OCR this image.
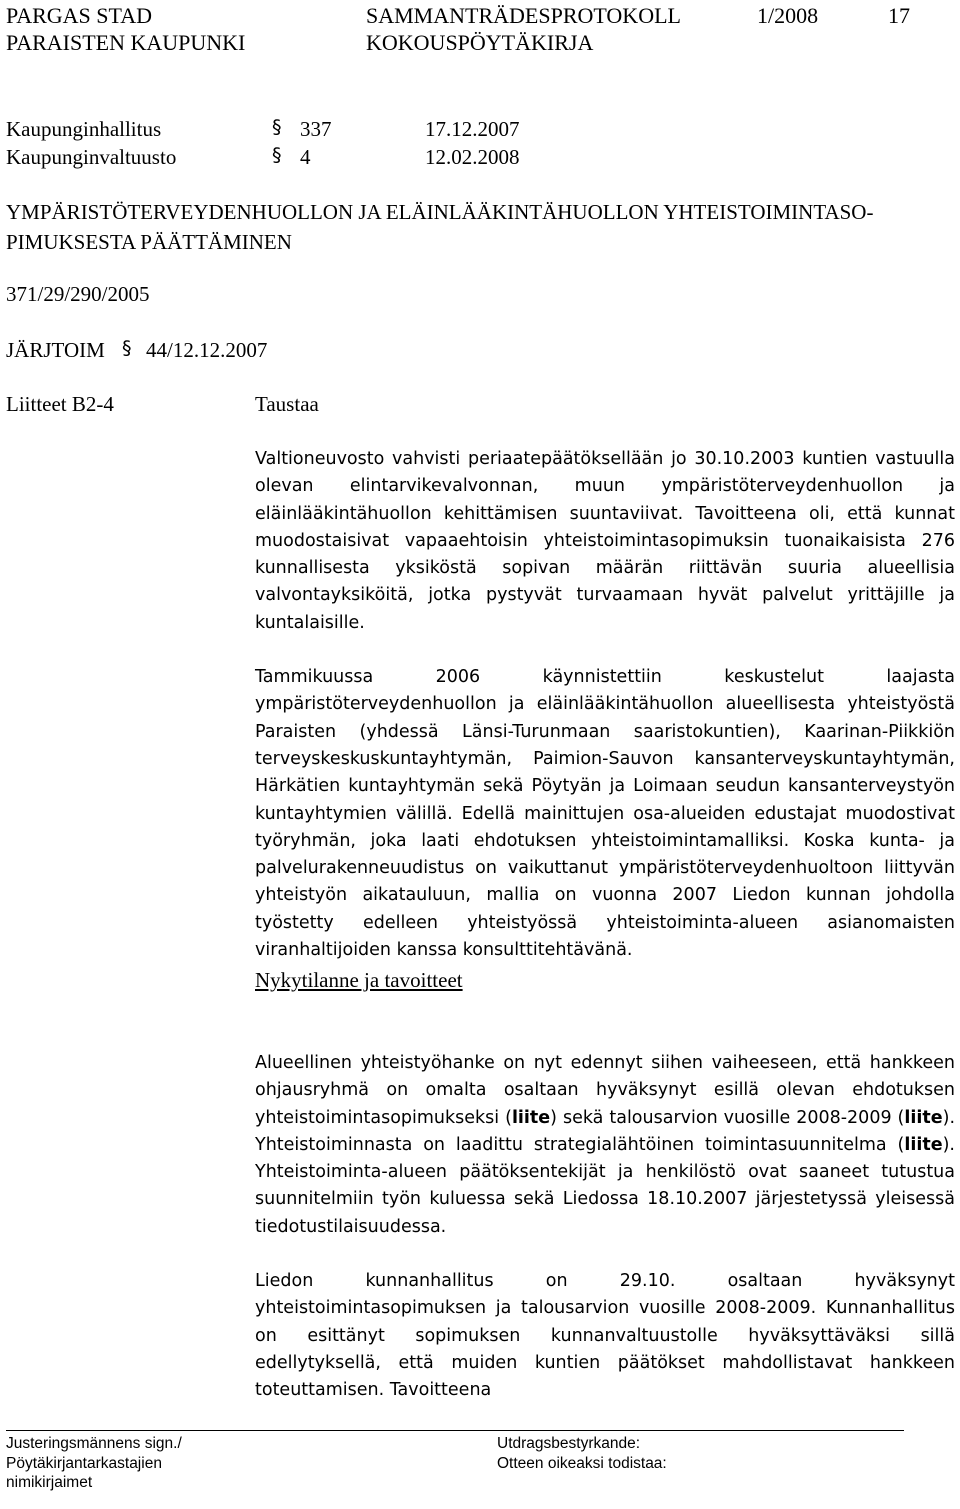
PARGAS STAD
PARAISTEN KAUPUNKI
SAMMANTRÄDESPROTOKOLL
KOKOUSPÖYTÄKIRJA
1/2008	17
Kaupunginhallitus	§ 337	17.12.2007
Kaupunginvaltuusto	§ 4	12.02.2008
YMPÄRISTÖTERVEYDENHUOLLON JA ELÄINLÄÄKINTÄHUOLLON YHTEISTOIMINTASO-
PIMUKSESTA PÄÄTTÄMINEN
371/29/290/2005
JÄRJTOIM § 44/12.12.2007
Liitteet B2-4	Taustaa

Valtioneuvosto vahvisti periaatepäätöksellään jo 30.10.2003 kuntien vastuulla olevan elintarvikevalvonnan, muun ympäristöterveydenhuollon ja eläinlääkintähuollon kehittämisen suuntaviivat. Tavoitteena oli, että kunnat muodostaisivat vapaaehtoisin yhteistoimintasopimuksin tuonaikaisista 276 kunnallisesta yksiköstä sopivan määrän riittävän suuria alueellisia valvontayksiköitä, jotka pystyvät turvaamaan hyvät palvelut yrittäjille ja kuntalaisille.

Tammikuussa 2006 käynnistettiin keskustelut laajasta ympäristöterveydenhuollon ja eläinlääkintähuollon alueellisesta yhteistyöstä Paraisten (yhdessä Länsi-Turunmaan saaristokuntien), Kaarinan-Piikkiön terveyskeskuskuntayhtymän, Paimion-Sauvon kansanterveyskuntayhtymän, Härkätien kuntayhtymän sekä Pöytyän ja Loimaan seudun kansanterveystyön kuntayhtymien välillä. Edellä mainittujen osa-alueiden edustajat muodostivat työryhmän, joka laati ehdotuksen yhteistoimintamalliksi. Koska kunta- ja palvelurakenneuudistus on vaikuttanut ympäristöterveydenhuoltoon liittyvän yhteistyön aikatauluun, mallia on vuonna 2007 Liedon kunnan johdolla työstetty edelleen yhteistyössä yhteistoiminta-alueen asianomaisten viranhaltijoiden kanssa konsulttitehtävänä.

Nykytilanne ja tavoitteet

Alueellinen yhteistyöhanke on nyt edennyt siihen vaiheeseen, että hankkeen ohjausryhmä on omalta osaltaan hyväksynyt esillä olevan ehdotuksen yhteistoimintasopimukseksi (liite) sekä talousarvion vuosille 2008-2009 (liite). Yhteistoiminnasta on laadittu strategialähtöinen toimintasuunnitelma (liite). Yhteistoiminta-alueen päätöksentekijät ja henkilöstö ovat saaneet tutustua suunnitelmiin työn kuluessa sekä Liedossa 18.10.2007 järjestetyssä yleisessä tiedotustilaisuudessa.

Liedon kunnanhallitus on 29.10. osaltaan hyväksynyt yhteistoimintasopimuksen ja talousarvion vuosille 2008-2009. Kunnanhallitus on esittänyt sopimuksen kunnanvaltuustolle hyväksyttäväksi sillä edellytyksellä, että muiden kuntien päätökset mahdollistavat hankkeen toteuttamisen. Tavoitteena

Justeringsmännens sign./
Pöytäkirjantarkastajien
nimikirjaimet
Utdragsbestyrkande:
Otteen oikeaksi todistaa:
